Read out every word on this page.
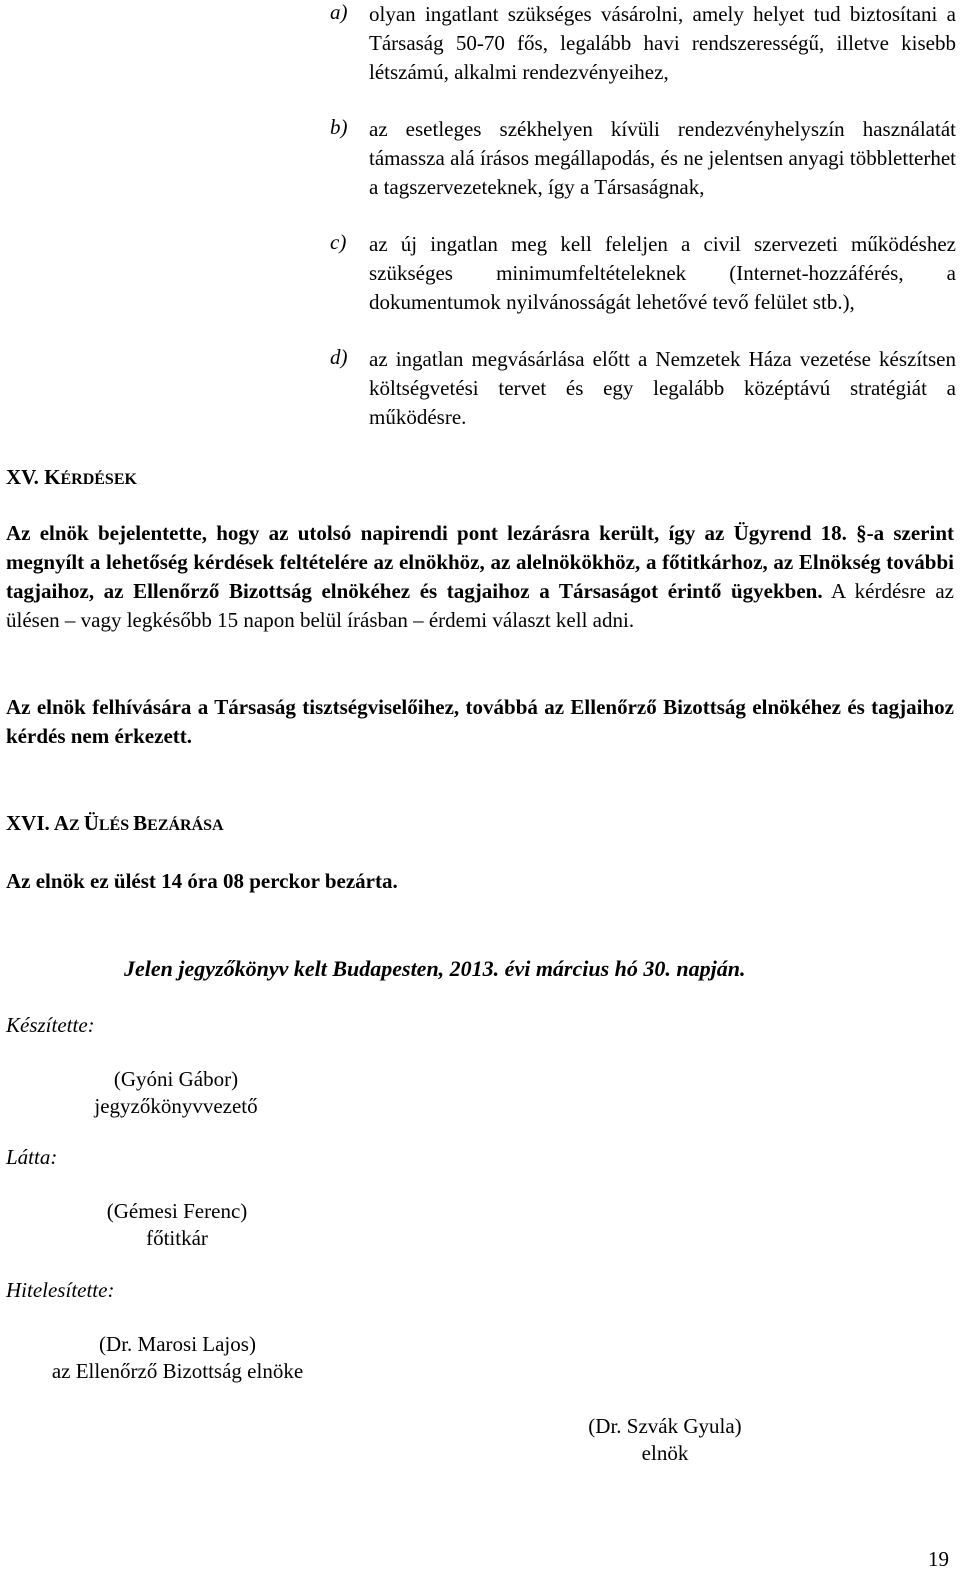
a) olyan ingatlant szükséges vásárolni, amely helyet tud biztosítani a Társaság 50-70 fős, legalább havi rendszerességű, illetve kisebb létszámú, alkalmi rendezvényeihez,
b) az esetleges székhelyen kívüli rendezvényhelyszín használatát támassza alá írásos megállapodás, és ne jelentsen anyagi többletterhet a tagszervezeteknek, így a Társaságnak,
c) az új ingatlan meg kell feleljen a civil szervezeti működéshez szükséges minimumfeltételeknek (Internet-hozzáférés, a dokumentumok nyilvánosságát lehetővé tevő felület stb.),
d) az ingatlan megvásárlása előtt a Nemzetek Háza vezetése készítsen költségvetési tervet és egy legalább középtávú stratégiát a működésre.
XV. KÉRDÉSEK
Az elnök bejelentette, hogy az utolsó napirendi pont lezárásra került, így az Ügyrend 18. §-a szerint megnyílt a lehetőség kérdések feltételére az elnökhöz, az alelnökökhöz, a főtitkárhoz, az Elnökség további tagjaihoz, az Ellenőrző Bizottság elnökéhez és tagjaihoz a Társaságot érintő ügyekben. A kérdésre az ülésen – vagy legkésőbb 15 napon belül írásban – érdemi választ kell adni.
Az elnök felhívására a Társaság tisztségviselőihez, továbbá az Ellenőrző Bizottság elnökéhez és tagjaihoz kérdés nem érkezett.
XVI. AZ ÜLÉS BEZÁRÁSA
Az elnök ez ülést 14 óra 08 perckor bezárta.
Jelen jegyzőkönyv kelt Budapesten, 2013. évi március hó 30. napján.
Készítette:
Látta:
Hitelesítette:
(Gyóni Gábor)
jegyzőkönyvvezető
(Gémesi Ferenc)
főtitkár
(Dr. Marosi Lajos)
az Ellenőrző Bizottság elnöke
(Dr. Szvák Gyula)
elnök
19
